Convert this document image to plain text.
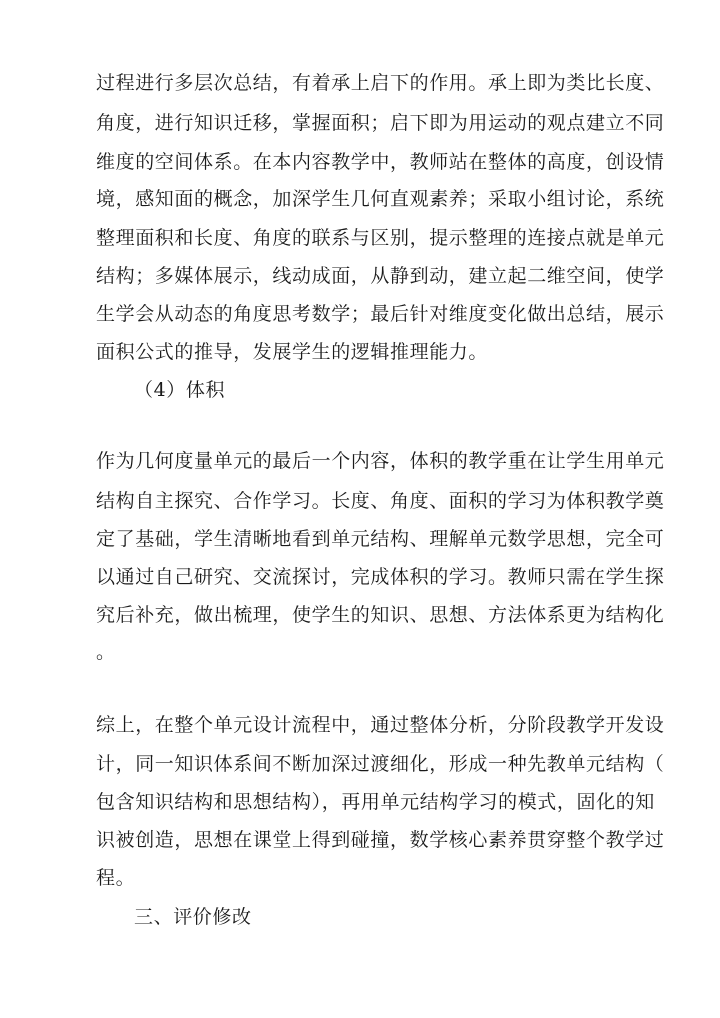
过程进行多层次总结，有着承上启下的作用。承上即为类比长度、
角度，进行知识迁移，掌握面积；启下即为用运动的观点建立不同
维度的空间体系。在本内容教学中，教师站在整体的高度，创设情
境，感知面的概念，加深学生几何直观素养；采取小组讨论，系统
整理面积和长度、角度的联系与区别，提示整理的连接点就是单元
结构；多媒体展示，线动成面，从静到动，建立起二维空间，使学
生学会从动态的角度思考数学；最后针对维度变化做出总结，展示
面积公式的推导，发展学生的逻辑推理能力。
（4）体积
作为几何度量单元的最后一个内容，体积的教学重在让学生用单元
结构自主探究、合作学习。长度、角度、面积的学习为体积教学奠
定了基础，学生清晰地看到单元结构、理解单元数学思想，完全可
以通过自己研究、交流探讨，完成体积的学习。教师只需在学生探
究后补充，做出梳理，使学生的知识、思想、方法体系更为结构化
。
综上，在整个单元设计流程中，通过整体分析，分阶段教学开发设
计，同一知识体系间不断加深过渡细化，形成一种先教单元结构（
包含知识结构和思想结构），再用单元结构学习的模式，固化的知
识被创造，思想在课堂上得到碰撞，数学核心素养贯穿整个教学过
程。
三、评价修改
